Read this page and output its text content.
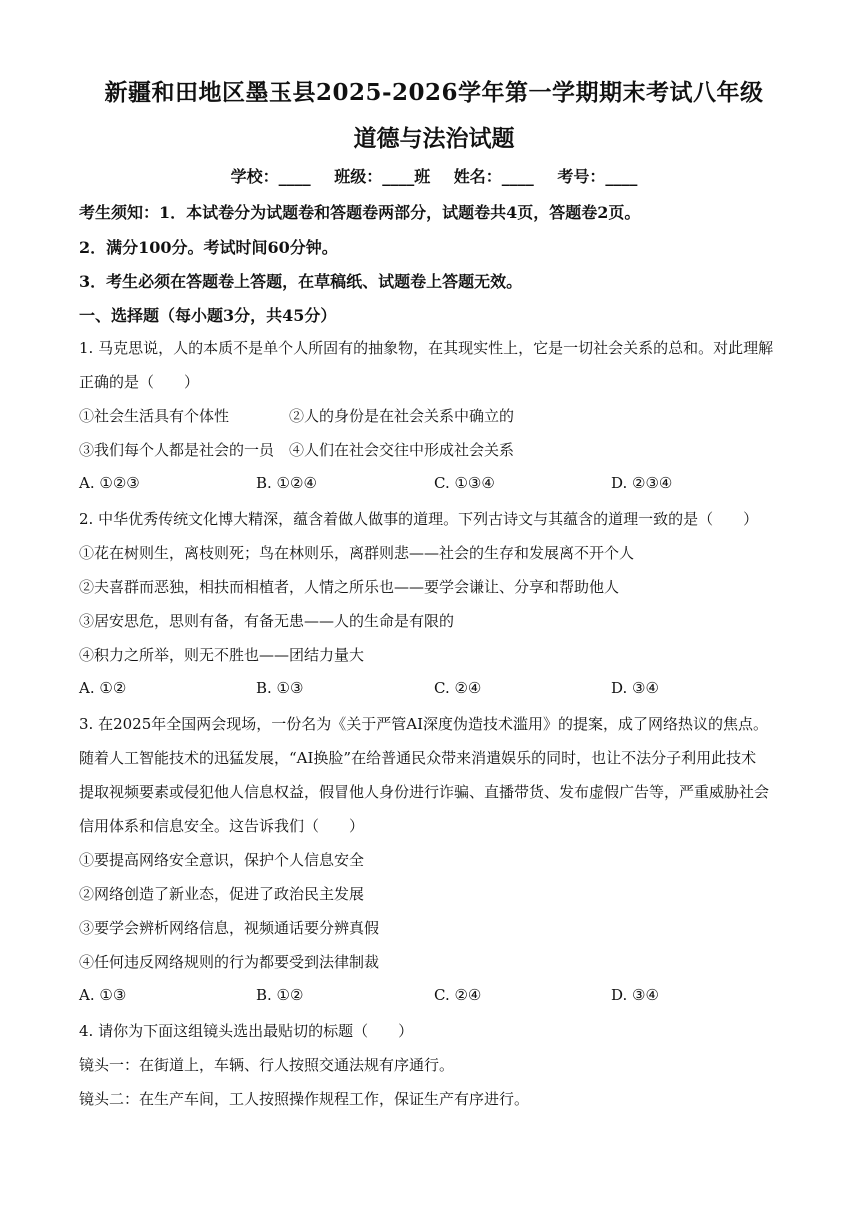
新疆和田地区墨玉县2025-2026学年第一学期期末考试八年级
道德与法治试题
学校：____ 班级：____班 姓名：____ 考号：____
考生须知：1．本试卷分为试题卷和答题卷两部分，试题卷共4页，答题卷2页。
2．满分100分。考试时间60分钟。
3．考生必须在答题卷上答题，在草稿纸、试题卷上答题无效。
一、选择题（每小题3分，共45分）
1. 马克思说，人的本质不是单个人所固有的抽象物，在其现实性上，它是一切社会关系的总和。对此理解
正确的是（　　）
①社会生活具有个体性　　　　②人的身份是在社会关系中确立的
③我们每个人都是社会的一员　④人们在社会交往中形成社会关系
A. ①②③	B. ①②④	C. ①③④	D. ②③④
2. 中华优秀传统文化博大精深，蕴含着做人做事的道理。下列古诗文与其蕴含的道理一致的是（　　）
①花在树则生，离枝则死；鸟在林则乐，离群则悲——社会的生存和发展离不开个人
②夫喜群而恶独，相扶而相植者，人情之所乐也——要学会谦让、分享和帮助他人
③居安思危，思则有备，有备无患——人的生命是有限的
④积力之所举，则无不胜也——团结力量大
A. ①②	B. ①③	C. ②④	D. ③④
3. 在2025年全国两会现场，一份名为《关于严管AI深度伪造技术滥用》的提案，成了网络热议的焦点。
随着人工智能技术的迅猛发展，“AI换脸”在给普通民众带来消遣娱乐的同时，也让不法分子利用此技术
提取视频要素或侵犯他人信息权益，假冒他人身份进行诈骗、直播带货、发布虚假广告等，严重威胁社会
信用体系和信息安全。这告诉我们（　　）
①要提高网络安全意识，保护个人信息安全
②网络创造了新业态，促进了政治民主发展
③要学会辨析网络信息，视频通话要分辨真假
④任何违反网络规则的行为都要受到法律制裁
A. ①③	B. ①②	C. ②④	D. ③④
4. 请你为下面这组镜头选出最贴切的标题（　　）
镜头一：在街道上，车辆、行人按照交通法规有序通行。
镜头二：在生产车间，工人按照操作规程工作，保证生产有序进行。
